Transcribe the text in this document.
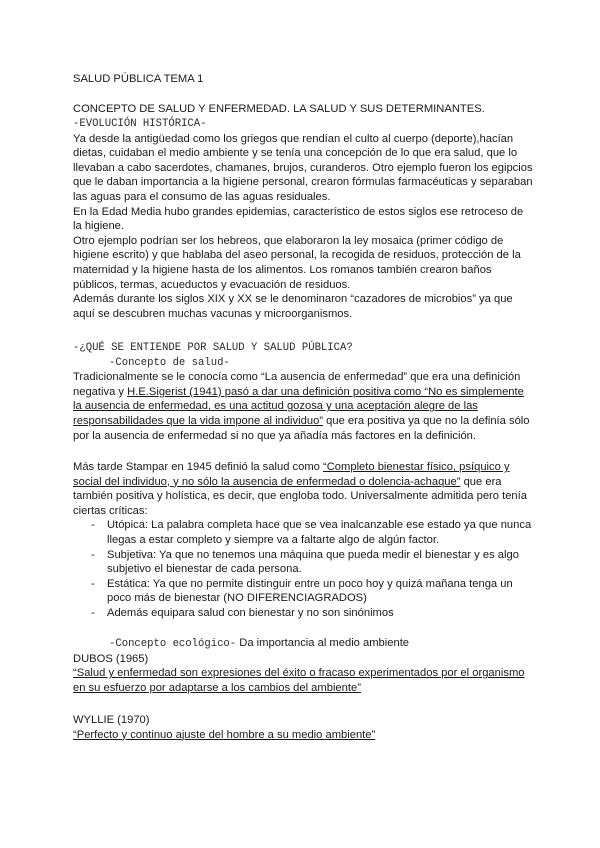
SALUD PÚBLICA TEMA 1
CONCEPTO DE SALUD Y ENFERMEDAD. LA SALUD Y SUS DETERMINANTES.
-EVOLUCIÓN HISTÓRICA-

Ya desde la antigüedad como los griegos que rendían el culto al cuerpo (deporte),hacían dietas, cuidaban el medio ambiente y se tenía una concepción de lo que era salud, que lo llevaban a cabo sacerdotes, chamanes, brujos, curanderos. Otro ejemplo fueron los egipcios que le daban importancia a la higiene personal, crearon fórmulas farmacéuticas y separaban las aguas para el consumo de las aguas residuales.

En la Edad Media hubo grandes epidemias, característico de estos siglos ese retroceso de la higiene.

Otro ejemplo podrían ser los hebreos, que elaboraron la ley mosaica (primer código de higiene escrito) y que hablaba del aseo personal, la recogida de residuos, protección de la maternidad y la higiene hasta de los alimentos. Los romanos también crearon baños públicos, termas, acueductos y evacuación de residuos.

Además durante los siglos XIX y XX se le denominaron “cazadores de microbios” ya que aquí se descubren muchas vacunas y microorganismos.

-¿QUÉ SE ENTIENDE POR SALUD Y SALUD PÚBLICA?
-Concepto de salud-

Tradicionalmente se le conocía como “La ausencia de enfermedad” que era una definición negativa y H.E.Sigerist (1941) pasó a dar una definición positiva como “No es simplemente la ausencia de enfermedad, es una actitud gozosa y una aceptación alegre de las responsabilidades que la vida impone al individuo” que era positiva ya que no la definía sólo por la ausencia de enfermedad si no que ya añadía más factores en la definición.

Más tarde Stampar en 1945 definió la salud como “Completo bienestar físico, psíquico y social del individuo, y no sólo la ausencia de enfermedad o dolencia-achaque” que era también positiva y holística, es decir, que engloba todo. Universalmente admitida pero tenía ciertas críticas:

- Utópica: La palabra completa hace que se vea inalcanzable ese estado ya que nunca llegas a estar completo y siempre va a faltarte algo de algún factor.
- Subjetiva: Ya que no tenemos una máquina que pueda medir el bienestar y es algo subjetivo el bienestar de cada persona.
- Estática: Ya que no permite distinguir entre un poco hoy y quizá mañana tenga un poco más de bienestar (NO DIFERENCIAGRADOS)
- Además equipara salud con bienestar y no son sinónimos
-Concepto ecológico- Da importancia al medio ambiente
DUBOS (1965)

“Salud y enfermedad son expresiones del éxito o fracaso experimentados por el organismo en su esfuerzo por adaptarse a los cambios del ambiente”

WYLLIE (1970)

“Perfecto y continuo ajuste del hombre a su medio ambiente”
